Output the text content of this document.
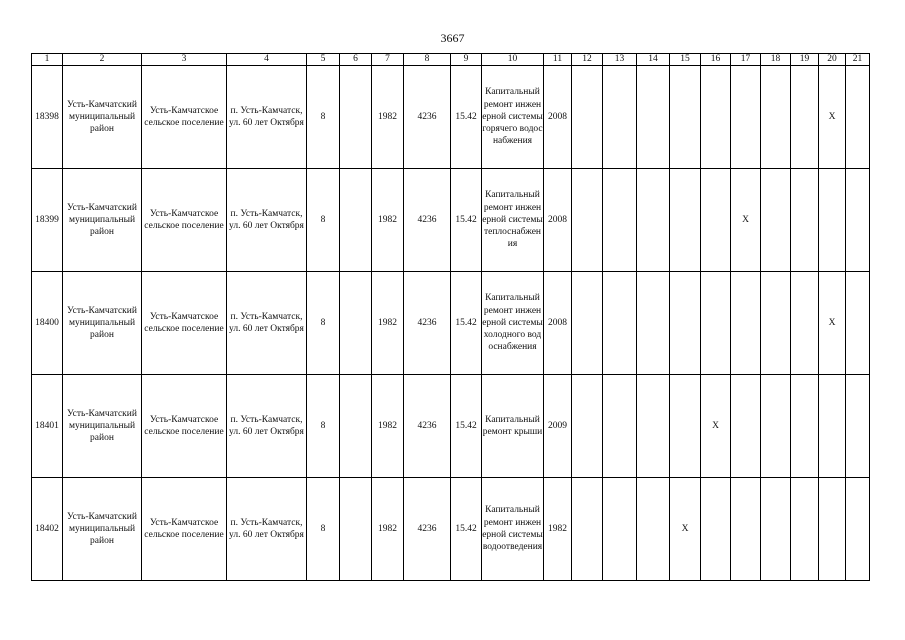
3667
1	2	3	4	5	6	7	8	9	10	11	12	13	14	15	16	17	18	19	20	21
18398	Усть-Камчатский муниципальный район	Усть-Камчатское сельское поселение	п. Усть-Камчатск, ул. 60 лет Октября	8		1982	4236	15.42	Капитальный ремонт инженерной системы горячего водоснабжения	2008									X	
18399	Усть-Камчатский муниципальный район	Усть-Камчатское сельское поселение	п. Усть-Камчатск, ул. 60 лет Октября	8		1982	4236	15.42	Капитальный ремонт инженерной системы теплоснабжения	2008						X				
18400	Усть-Камчатский муниципальный район	Усть-Камчатское сельское поселение	п. Усть-Камчатск, ул. 60 лет Октября	8		1982	4236	15.42	Капитальный ремонт инженерной системы холодного водоснабжения	2008									X	
18401	Усть-Камчатский муниципальный район	Усть-Камчатское сельское поселение	п. Усть-Камчатск, ул. 60 лет Октября	8		1982	4236	15.42	Капитальный ремонт крыши	2009					X					
18402	Усть-Камчатский муниципальный район	Усть-Камчатское сельское поселение	п. Усть-Камчатск, ул. 60 лет Октября	8		1982	4236	15.42	Капитальный ремонт инженерной системы водоотведения	1982				X						
